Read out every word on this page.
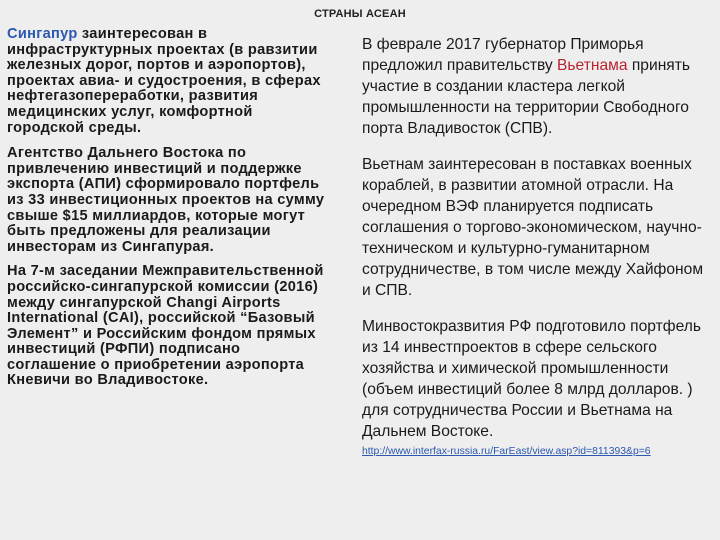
СТРАНЫ АСЕАН

Сингапур заинтересован в инфраструктурных проектах (в равзитии железных дорог, портов и аэропортов), проектах авиа- и судостроения, в сферах нефтегазопереработки, развития медицинских услуг, комфортной городской среды.

Агентство Дальнего Востока по привлечению инвестиций и поддержке экспорта (АПИ) сформировало портфель из 33 инвестиционных проектов на сумму свыше $15 миллиардов, которые могут быть предложены для реализации инвесторам из Сингапурая.

На 7-м заседании Межправительственной российско-сингапурской комиссии (2016) между сингапурской Changi Airports International (CAI), российской “Базовый Элемент” и Российским фондом прямых инвестиций (РФПИ) подписано соглашение о приобретении аэропорта Кневичи во Владивостоке.

В феврале 2017 губернатор Приморья предложил правительству Вьетнама принять участие в создании кластера легкой промышленности на территории Свободного порта Владивосток (СПВ).

Вьетнам заинтересован в поставках военных кораблей, в развитии атомной отрасли. На очередном ВЭФ планируется подписать соглашения о торгово-экономическом, научно-техническом и культурно-гуманитарном сотрудничестве, в том числе между Хайфоном и СПВ.

Минвостокразвития РФ подготовило портфель из 14 инвестпроектов в сфере сельского хозяйства и химической промышленности (объем инвестиций более 8 млрд долларов. ) для сотрудничества России и Вьетнама на Дальнем Востоке.

http://www.interfax-russia.ru/FarEast/view.asp?id=811393&p=6
